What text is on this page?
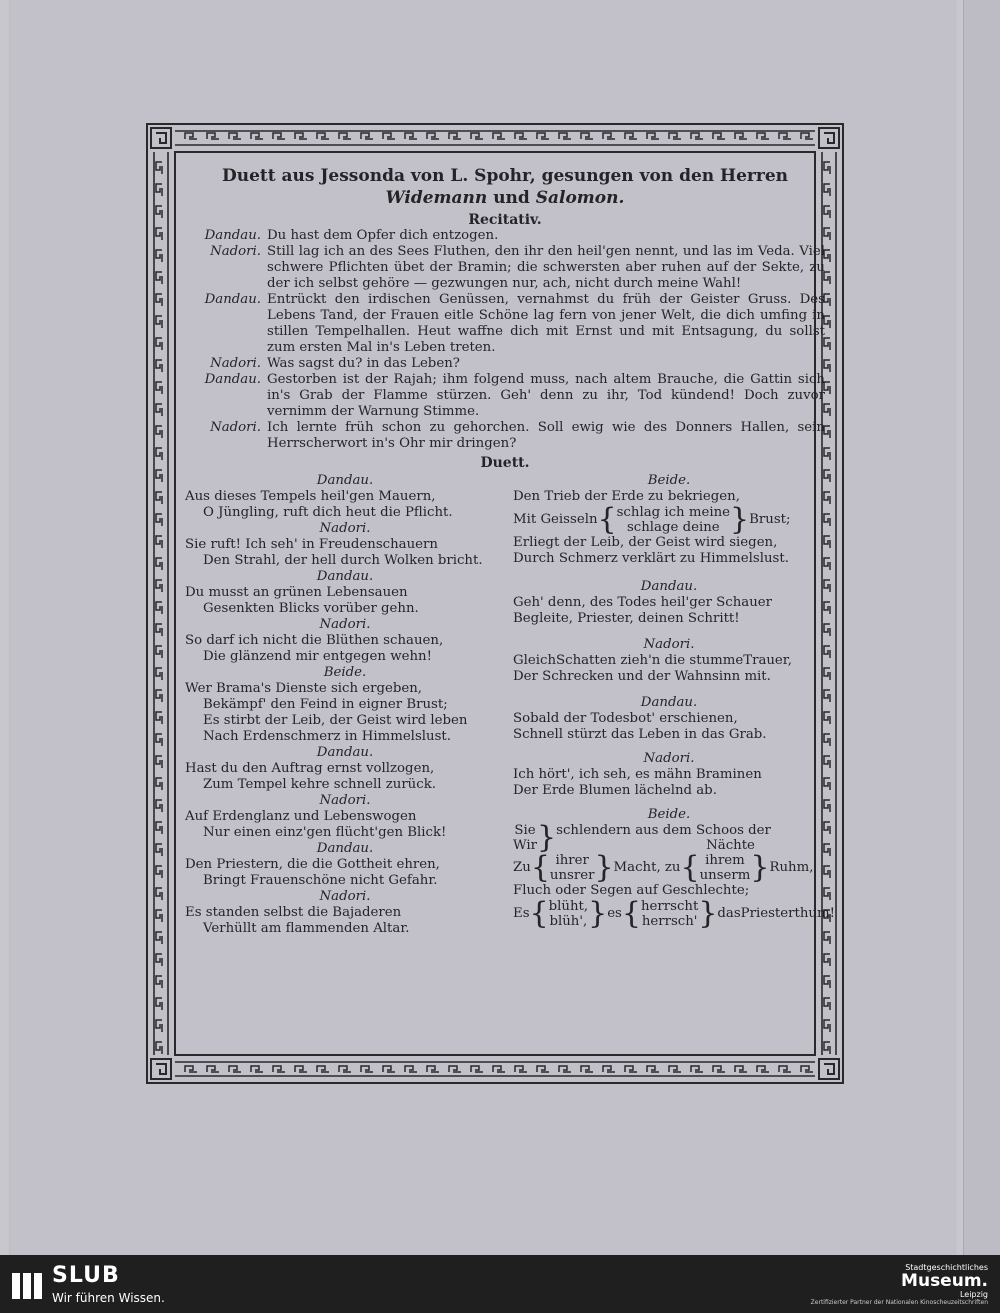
Duett aus Jessonda von L. Spohr, gesungen von den Herren
Widemann und Salomon.
Recitativ.
Dandau. Du hast dem Opfer dich entzogen.
Nadori. Still lag ich an des Sees Fluthen, den ihr den heil'gen nennt, und las im Veda. Viel schwere Pflichten übet der Bramin; die schwersten aber ruhen auf der Sekte, zu der ich selbst gehöre — gezwungen nur, ach, nicht durch meine Wahl!
Dandau. Entrückt den irdischen Genüssen, vernahmst du früh der Geister Gruss. Des Lebens Tand, der Frauen eitle Schöne lag fern von jener Welt, die dich umfing in stillen Tempelhallen. Heut waffne dich mit Ernst und mit Entsagung, du sollst zum ersten Mal in's Leben treten.
Nadori. Was sagst du? in das Leben?
Dandau. Gestorben ist der Rajah; ihm folgend muss, nach altem Brauche, die Gattin sich in's Grab der Flamme stürzen. Geh' denn zu ihr, Tod kündend! Doch zuvor vernimm der Warnung Stimme.
Nadori. Ich lernte früh schon zu gehorchen. Soll ewig wie des Donners Hallen, sein Herrscherwort in's Ohr mir dringen?
Duett.
Dandau.
Aus dieses Tempels heil'gen Mauern,
O Jüngling, ruft dich heut die Pflicht.
Nadori.
Sie ruft! Ich seh' in Freudenschauern
Den Strahl, der hell durch Wolken bricht.
Dandau.
Du musst an grünen Lebensauen
Gesenkten Blicks vorüber gehn.
Nadori.
So darf ich nicht die Blüthen schauen,
Die glänzend mir entgegen wehn!
Beide.
Wer Brama's Dienste sich ergeben,
Bekämpf' den Feind in eigner Brust;
Es stirbt der Leib, der Geist wird leben
Nach Erdenschmerz in Himmelslust.
Dandau.
Hast du den Auftrag ernst vollzogen,
Zum Tempel kehre schnell zurück.
Nadori.
Auf Erdenglanz und Lebenswogen
Nur einen einz'gen flücht'gen Blick!
Dandau.
Den Priestern, die die Gottheit ehren,
Bringt Frauenschöne nicht Gefahr.
Nadori.
Es standen selbst die Bajaderen
Verhüllt am flammenden Altar.
Beide.
Den Trieb der Erde zu bekriegen,
Mit Geisseln { schlag ich meine
schlage deine } Brust;
Erliegt der Leib, der Geist wird siegen,
Durch Schmerz verklärt zu Himmelslust.
Dandau.
Geh' denn, des Todes heil'ger Schauer
Begleite, Priester, deinen Schritt!
Nadori.
GleichSchatten zieh'n die stummeTrauer,
Der Schrecken und der Wahnsinn mit.
Dandau.
Sobald der Todesbot' erschienen,
Schnell stürzt das Leben in das Grab.
Nadori.
Ich hört', ich seh, es mähn Braminen
Der Erde Blumen lächelnd ab.
Beide.
Sie
Wir } schlendern aus dem Schoos der
Nächte
Zu { ihrer
unsrer } Macht, zu { ihrem
unserm } Ruhm,
Fluch oder Segen auf Geschlechte;
Es { blüht,
blüh', } es { herrscht
herrsch' } dasPriesterthum!
SLUB
Wir führen Wissen.
Stadtgeschichtliches
Museum.
Leipzig
Zertifizierter Partner der Nationalen Kinoscheuzeitschriften
